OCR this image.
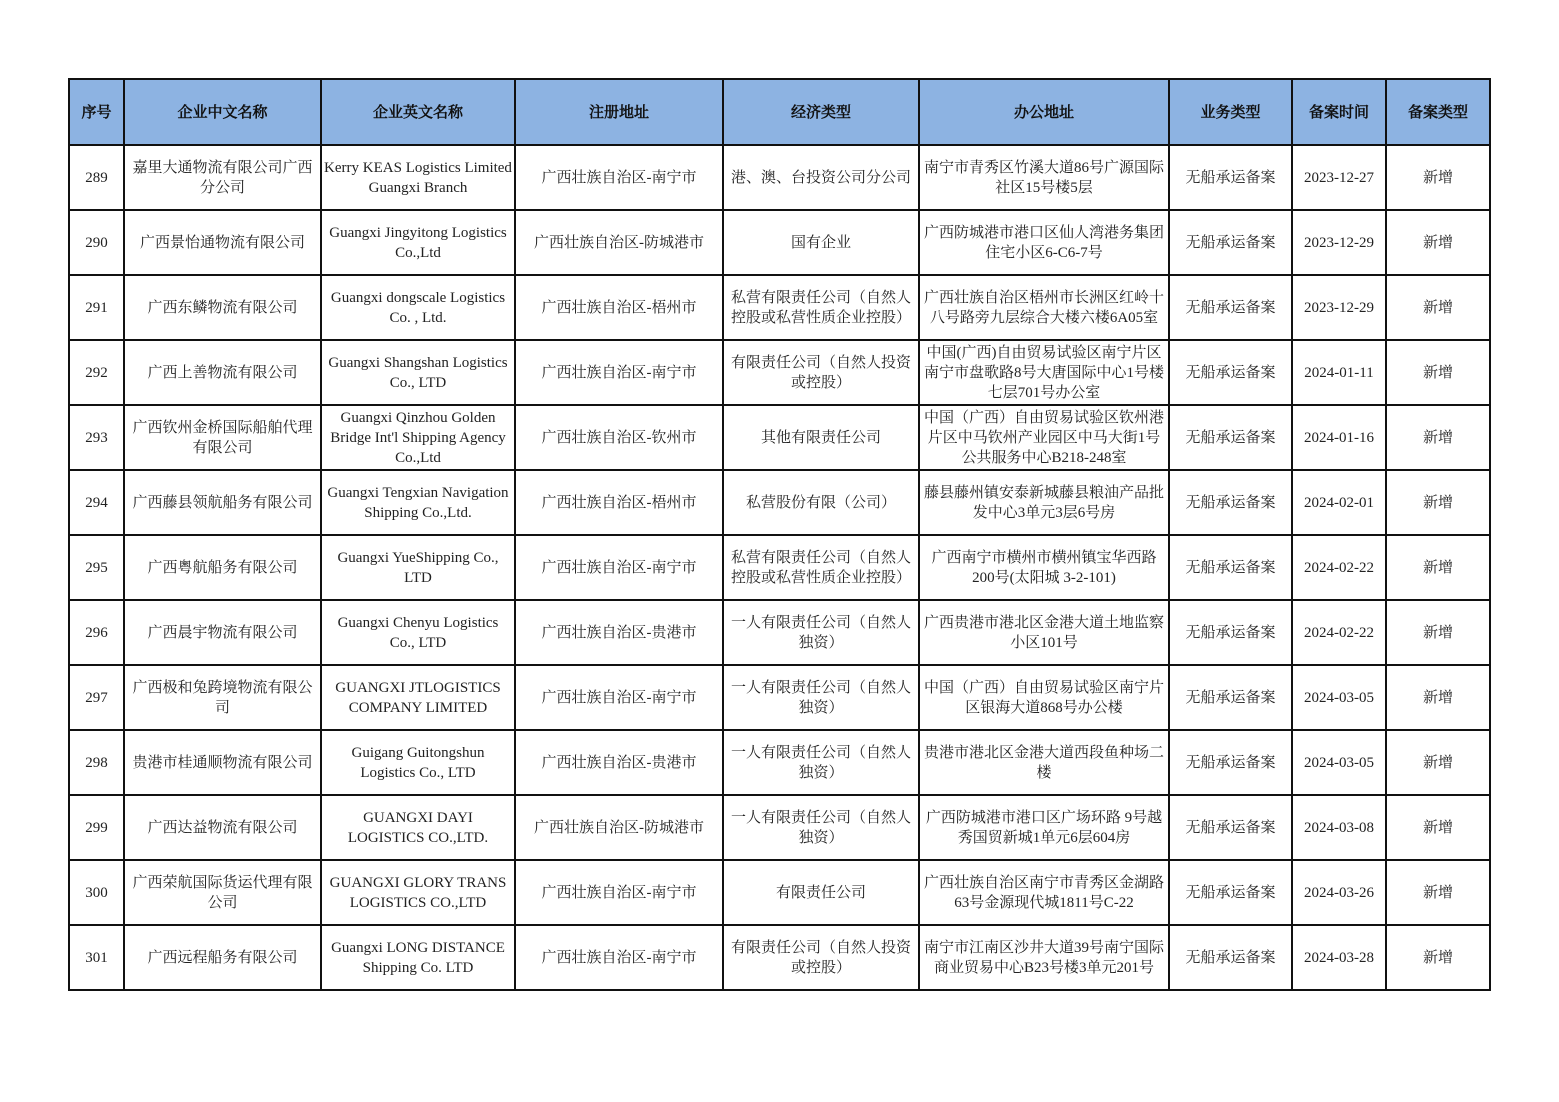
序号	企业中文名称	企业英文名称	注册地址	经济类型	办公地址	业务类型	备案时间	备案类型
289	嘉里大通物流有限公司广西分公司	Kerry KEAS Logistics Limited Guangxi Branch	广西壮族自治区-南宁市	港、澳、台投资公司分公司	南宁市青秀区竹溪大道86号广源国际社区15号楼5层	无船承运备案	2023-12-27	新增
290	广西景怡通物流有限公司	Guangxi Jingyitong Logistics Co.,Ltd	广西壮族自治区-防城港市	国有企业	广西防城港市港口区仙人湾港务集团住宅小区6-C6-7号	无船承运备案	2023-12-29	新增
291	广西东鳞物流有限公司	Guangxi dongscale Logistics Co. , Ltd.	广西壮族自治区-梧州市	私营有限责任公司（自然人控股或私营性质企业控股）	广西壮族自治区梧州市长洲区红岭十八号路旁九层综合大楼六楼6A05室	无船承运备案	2023-12-29	新增
292	广西上善物流有限公司	Guangxi Shangshan Logistics Co., LTD	广西壮族自治区-南宁市	有限责任公司（自然人投资或控股）	中国(广西)自由贸易试验区南宁片区南宁市盘歌路8号大唐国际中心1号楼七层701号办公室	无船承运备案	2024-01-11	新增
293	广西钦州金桥国际船舶代理有限公司	Guangxi Qinzhou Golden Bridge Int'l Shipping Agency Co.,Ltd	广西壮族自治区-钦州市	其他有限责任公司	中国（广西）自由贸易试验区钦州港片区中马钦州产业园区中马大街1号公共服务中心B218-248室	无船承运备案	2024-01-16	新增
294	广西藤县领航船务有限公司	Guangxi Tengxian Navigation Shipping Co.,Ltd.	广西壮族自治区-梧州市	私营股份有限（公司）	藤县藤州镇安泰新城藤县粮油产品批发中心3单元3层6号房	无船承运备案	2024-02-01	新增
295	广西粤航船务有限公司	Guangxi YueShipping Co., LTD	广西壮族自治区-南宁市	私营有限责任公司（自然人控股或私营性质企业控股）	广西南宁市横州市横州镇宝华西路200号(太阳城 3-2-101)	无船承运备案	2024-02-22	新增
296	广西晨宇物流有限公司	Guangxi Chenyu Logistics Co., LTD	广西壮族自治区-贵港市	一人有限责任公司（自然人独资）	广西贵港市港北区金港大道土地监察小区101号	无船承运备案	2024-02-22	新增
297	广西极和兔跨境物流有限公司	GUANGXI JTLOGISTICS COMPANY LIMITED	广西壮族自治区-南宁市	一人有限责任公司（自然人独资）	中国（广西）自由贸易试验区南宁片区银海大道868号办公楼	无船承运备案	2024-03-05	新增
298	贵港市桂通顺物流有限公司	Guigang Guitongshun Logistics Co., LTD	广西壮族自治区-贵港市	一人有限责任公司（自然人独资）	贵港市港北区金港大道西段鱼种场二楼	无船承运备案	2024-03-05	新增
299	广西达益物流有限公司	GUANGXI DAYI LOGISTICS CO.,LTD.	广西壮族自治区-防城港市	一人有限责任公司（自然人独资）	广西防城港市港口区广场环路 9号越秀国贸新城1单元6层604房	无船承运备案	2024-03-08	新增
300	广西荣航国际货运代理有限公司	GUANGXI GLORY TRANS LOGISTICS CO.,LTD	广西壮族自治区-南宁市	有限责任公司	广西壮族自治区南宁市青秀区金湖路63号金源现代城1811号C-22	无船承运备案	2024-03-26	新增
301	广西远程船务有限公司	Guangxi LONG DISTANCE Shipping Co. LTD	广西壮族自治区-南宁市	有限责任公司（自然人投资或控股）	南宁市江南区沙井大道39号南宁国际商业贸易中心B23号楼3单元201号	无船承运备案	2024-03-28	新增
